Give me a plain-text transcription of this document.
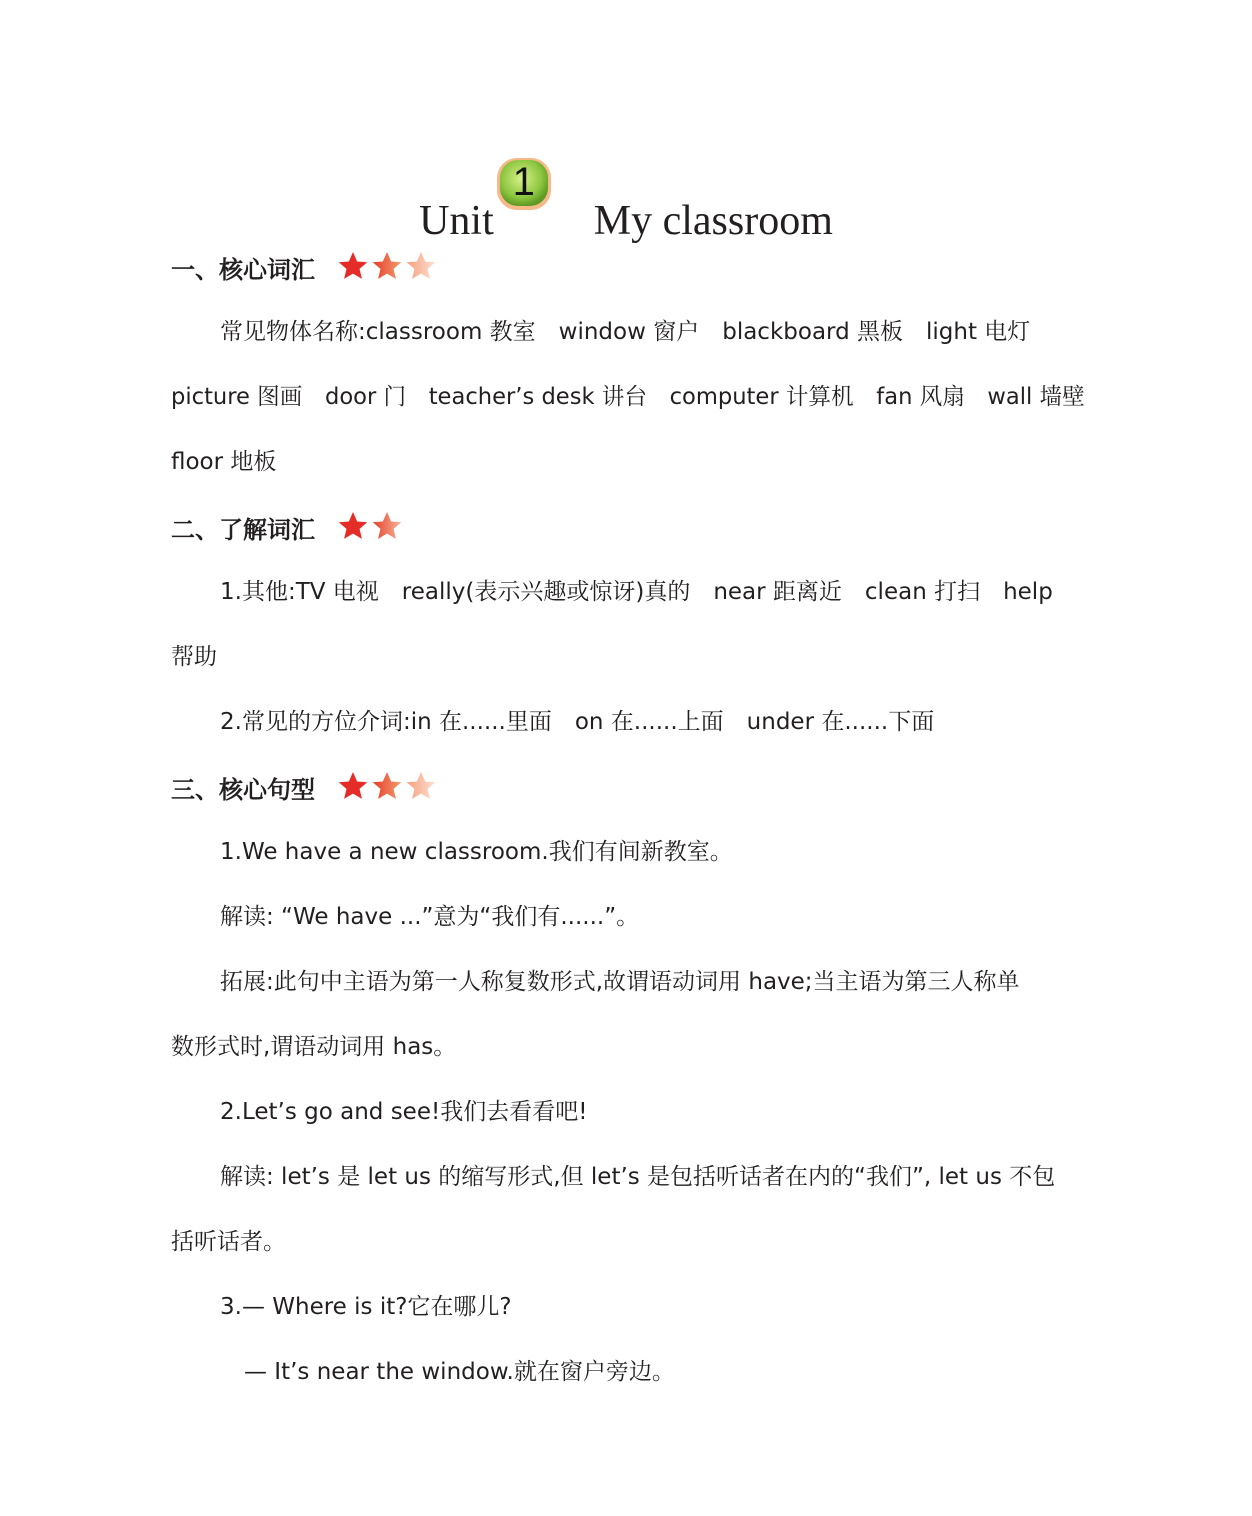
Unit
1
My classroom
一、核心词汇
常见物体名称:classroom 教室　window 窗户　blackboard 黑板　light 电灯
picture 图画　door 门　teacher’s desk 讲台　computer 计算机　fan 风扇　wall 墙壁
floor 地板
二、了解词汇
1.其他:TV 电视　really(表示兴趣或惊讶)真的　near 距离近　clean 打扫　help
帮助
2.常见的方位介词:in 在......里面　on 在......上面　under 在......下面
三、核心句型
1.We have a new classroom.我们有间新教室。
解读: “We have ...”意为“我们有......”。
拓展:此句中主语为第一人称复数形式,故谓语动词用 have;当主语为第三人称单
数形式时,谓语动词用 has。
2.Let’s go and see!我们去看看吧!
解读: let’s 是 let us 的缩写形式,但 let’s 是包括听话者在内的“我们”, let us 不包
括听话者。
3.— Where is it?它在哪儿?
— It’s near the window.就在窗户旁边。
